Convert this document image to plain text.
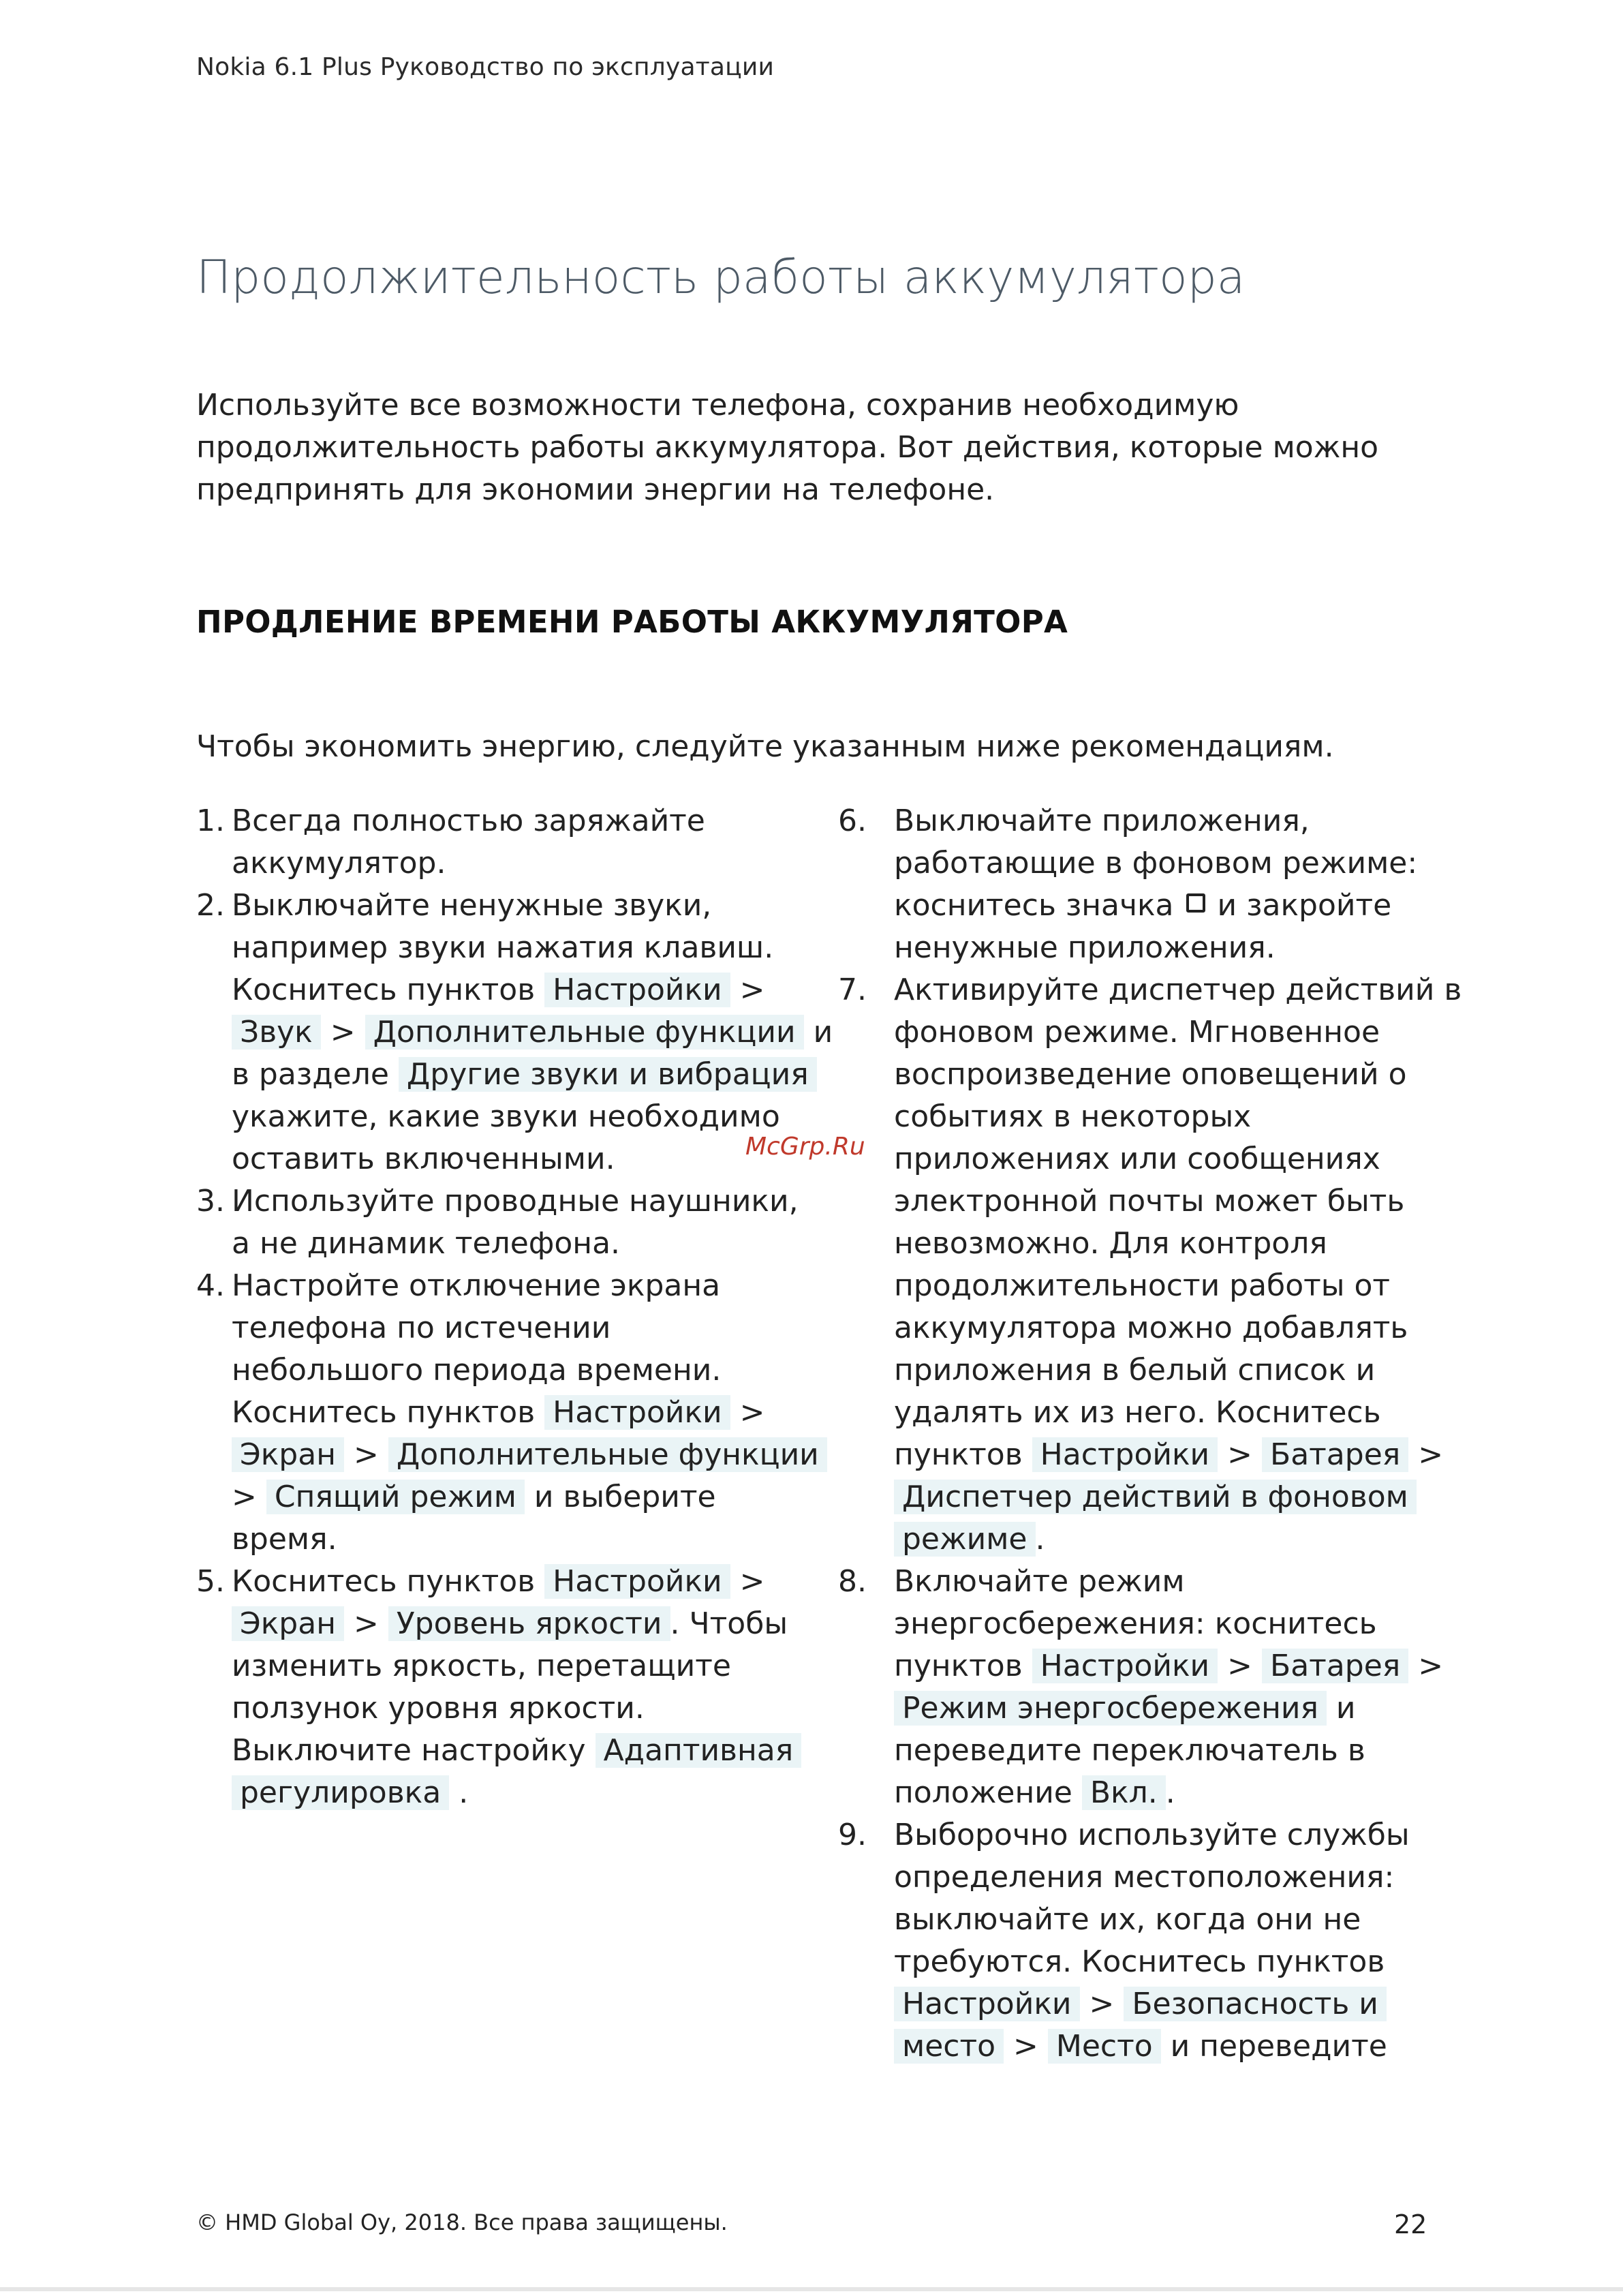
Nokia 6.1 Plus Руководство по эксплуатации
Продолжительность работы аккумулятора

Используйте все возможности телефона, сохранив необходимую

продолжительность работы аккумулятора. Вот действия, которые можно

предпринять для экономии энергии на телефоне.

ПРОДЛЕНИЕ ВРЕМЕНИ РАБОТЫ АККУМУЛЯТОРА
Чтобы экономить энергию, следуйте указанным ниже рекомендациям.
1. Всегда полностью заряжайте
аккумулятор.
2. Выключайте ненужные звуки,
например звуки нажатия клавиш.
Коснитесь пунктов Настройки >
Звук > Дополнительные функции и
в разделе Другие звуки и вибрация
укажите, какие звуки необходимо
оставить включенными.
3. Используйте проводные наушники,
а не динамик телефона.
4. Настройте отключение экрана
телефона по истечении
небольшого периода времени.
Коснитесь пунктов Настройки >
Экран > Дополнительные функции
> Спящий режим и выберите
время.
5. Коснитесь пунктов Настройки >
Экран > Уровень яркости . Чтобы
изменить яркость, перетащите
ползунок уровня яркости.
Выключите настройку Адаптивная
регулировка .
McGrp.Ru
6. Выключайте приложения,
работающие в фоновом режиме:
коснитесь значка и закройте
ненужные приложения.
7. Активируйте диспетчер действий в
фоновом режиме. Мгновенное
воспроизведение оповещений о
событиях в некоторых
приложениях или сообщениях
электронной почты может быть
невозможно. Для контроля
продолжительности работы от
аккумулятора можно добавлять
приложения в белый список и
удалять их из него. Коснитесь
пунктов Настройки > Батарея >
Диспетчер действий в фоновом
режиме .
8. Включайте режим
энергосбережения: коснитесь
пунктов Настройки > Батарея >
Режим энергосбережения и
переведите переключатель в
положение Вкл. .
9. Выборочно используйте службы
определения местоположения:
выключайте их, когда они не
требуются. Коснитесь пунктов
Настройки > Безопасность и
место > Место и переведите
© HMD Global Oy, 2018. Все права защищены.	22
